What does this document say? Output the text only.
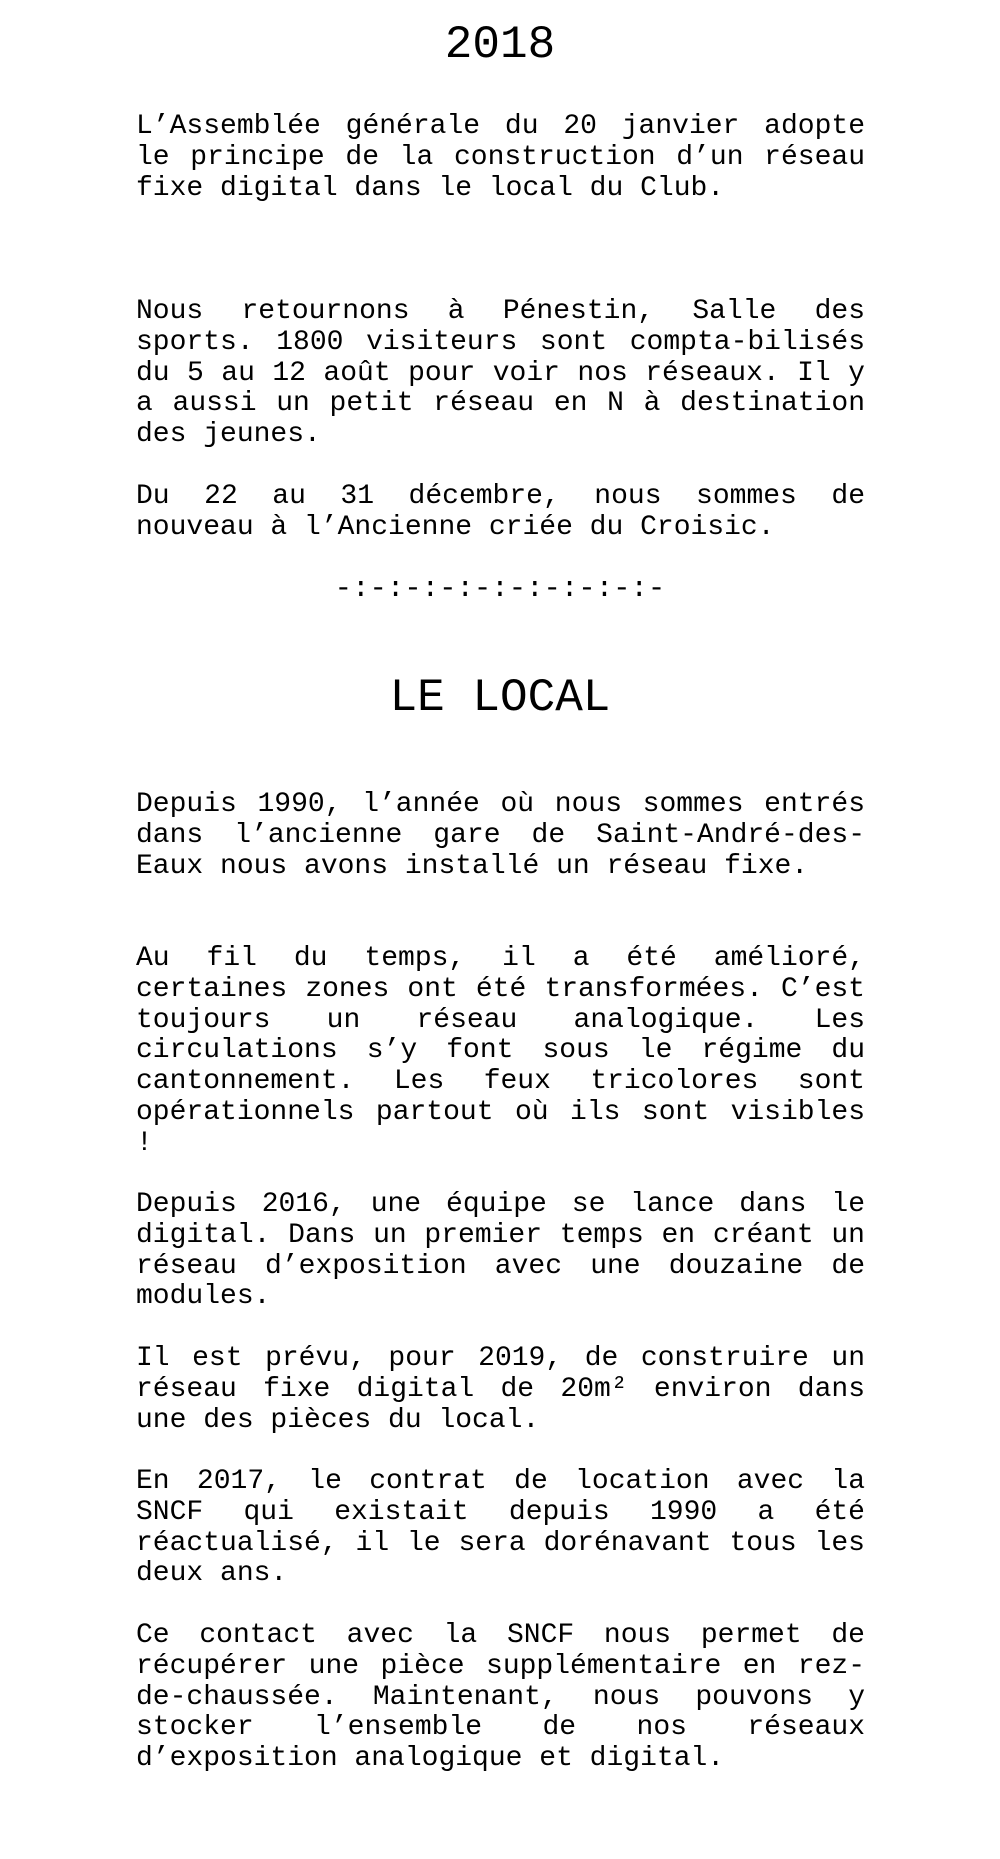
2018

L’Assemblée générale du 20 janvier adopte le principe de la construction d’un réseau fixe digital dans le local du Club.

Nous retournons à Pénestin, Salle des sports. 1800 visiteurs sont compta-bilisés du 5 au 12 août pour voir nos réseaux. Il y a aussi un petit réseau en N à destination des jeunes.

Du 22 au 31 décembre, nous sommes de nouveau à l’Ancienne criée du Croisic.

-:-:-:-:-:-:-:-:-:-
LE LOCAL

Depuis 1990, l’année où nous sommes entrés dans l’ancienne gare de Saint-André-des-Eaux nous avons installé un réseau fixe.

Au fil du temps, il a été amélioré, certaines zones ont été transformées. C’est toujours un réseau analogique. Les circulations s’y font sous le régime du cantonnement. Les feux tricolores sont opérationnels partout où ils sont visibles !

Depuis 2016, une équipe se lance dans le digital. Dans un premier temps en créant un réseau d’exposition avec une douzaine de modules.

Il est prévu, pour 2019, de construire un réseau fixe digital de 20m² environ dans une des pièces du local.

En 2017, le contrat de location avec la SNCF qui existait depuis 1990 a été réactualisé, il le sera dorénavant tous les deux ans.

Ce contact avec la SNCF nous permet de récupérer une pièce supplémentaire en rez-de-chaussée. Maintenant, nous pouvons y stocker l’ensemble de nos réseaux d’exposition analogique et digital.
